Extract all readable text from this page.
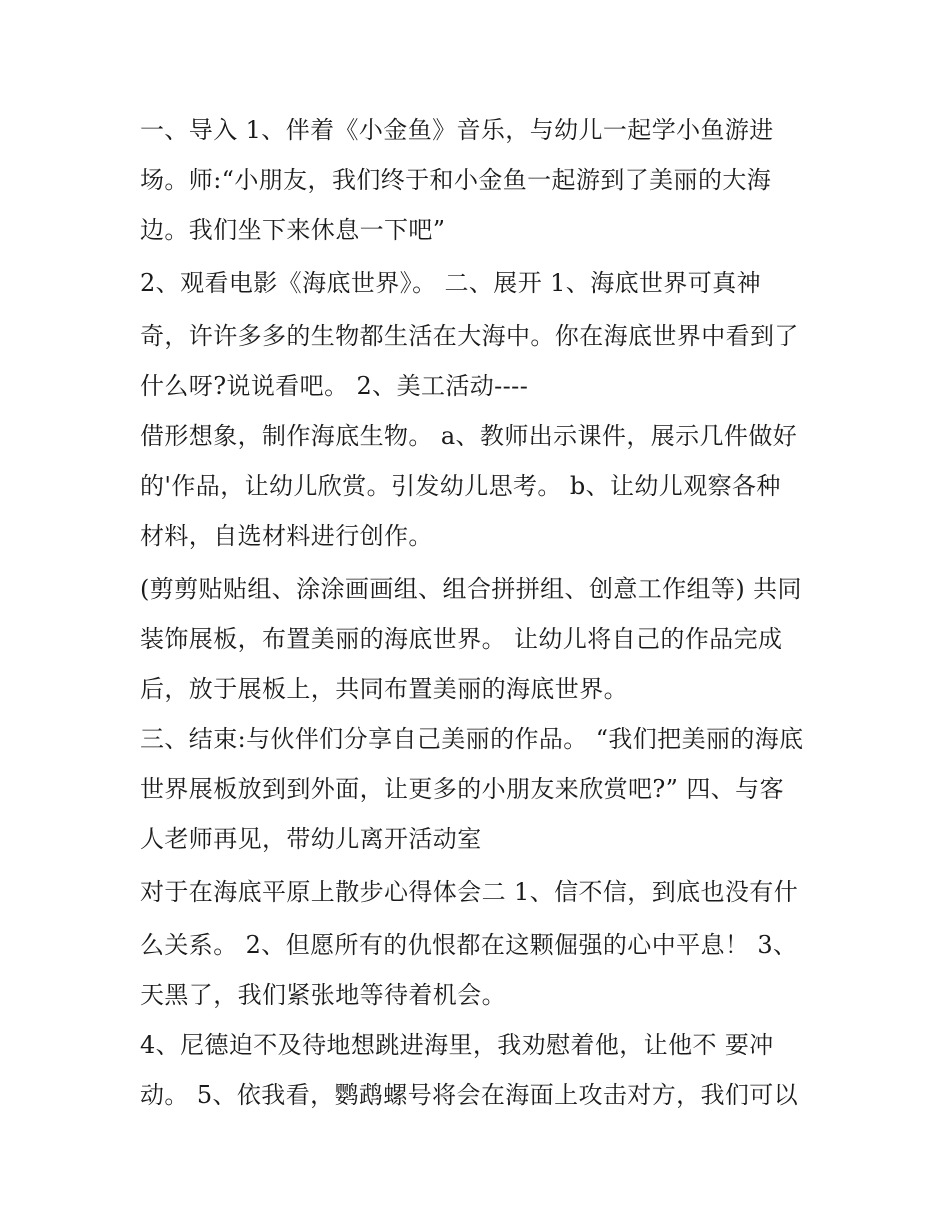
一、导入 1、伴着《小金鱼》音乐，与幼儿一起学小鱼游进
场。师:“小朋友，我们终于和小金鱼一起游到了美丽的大海
边。我们坐下来休息一下吧”
2、观看电影《海底世界》。 二、展开 1、海底世界可真神
奇，许许多多的生物都生活在大海中。你在海底世界中看到了
什么呀?说说看吧。 2、美工活动----
借形想象，制作海底生物。 a、教师出示课件，展示几件做好
的'作品，让幼儿欣赏。引发幼儿思考。 b、让幼儿观察各种
材料，自选材料进行创作。
(剪剪贴贴组、涂涂画画组、组合拼拼组、创意工作组等) 共同
装饰展板，布置美丽的海底世界。 让幼儿将自己的作品完成
后，放于展板上，共同布置美丽的海底世界。
三、结束:与伙伴们分享自己美丽的作品。 “我们把美丽的海底
世界展板放到到外面，让更多的小朋友来欣赏吧?” 四、与客
人老师再见，带幼儿离开活动室
对于在海底平原上散步心得体会二 1、信不信，到底也没有什
么关系。 2、但愿所有的仇恨都在这颗倔强的心中平息！ 3、
天黑了，我们紧张地等待着机会。
4、尼德迫不及待地想跳进海里，我劝慰着他，让他不 要冲
动。 5、依我看，鹦鹉螺号将会在海面上攻击对方，我们可以
